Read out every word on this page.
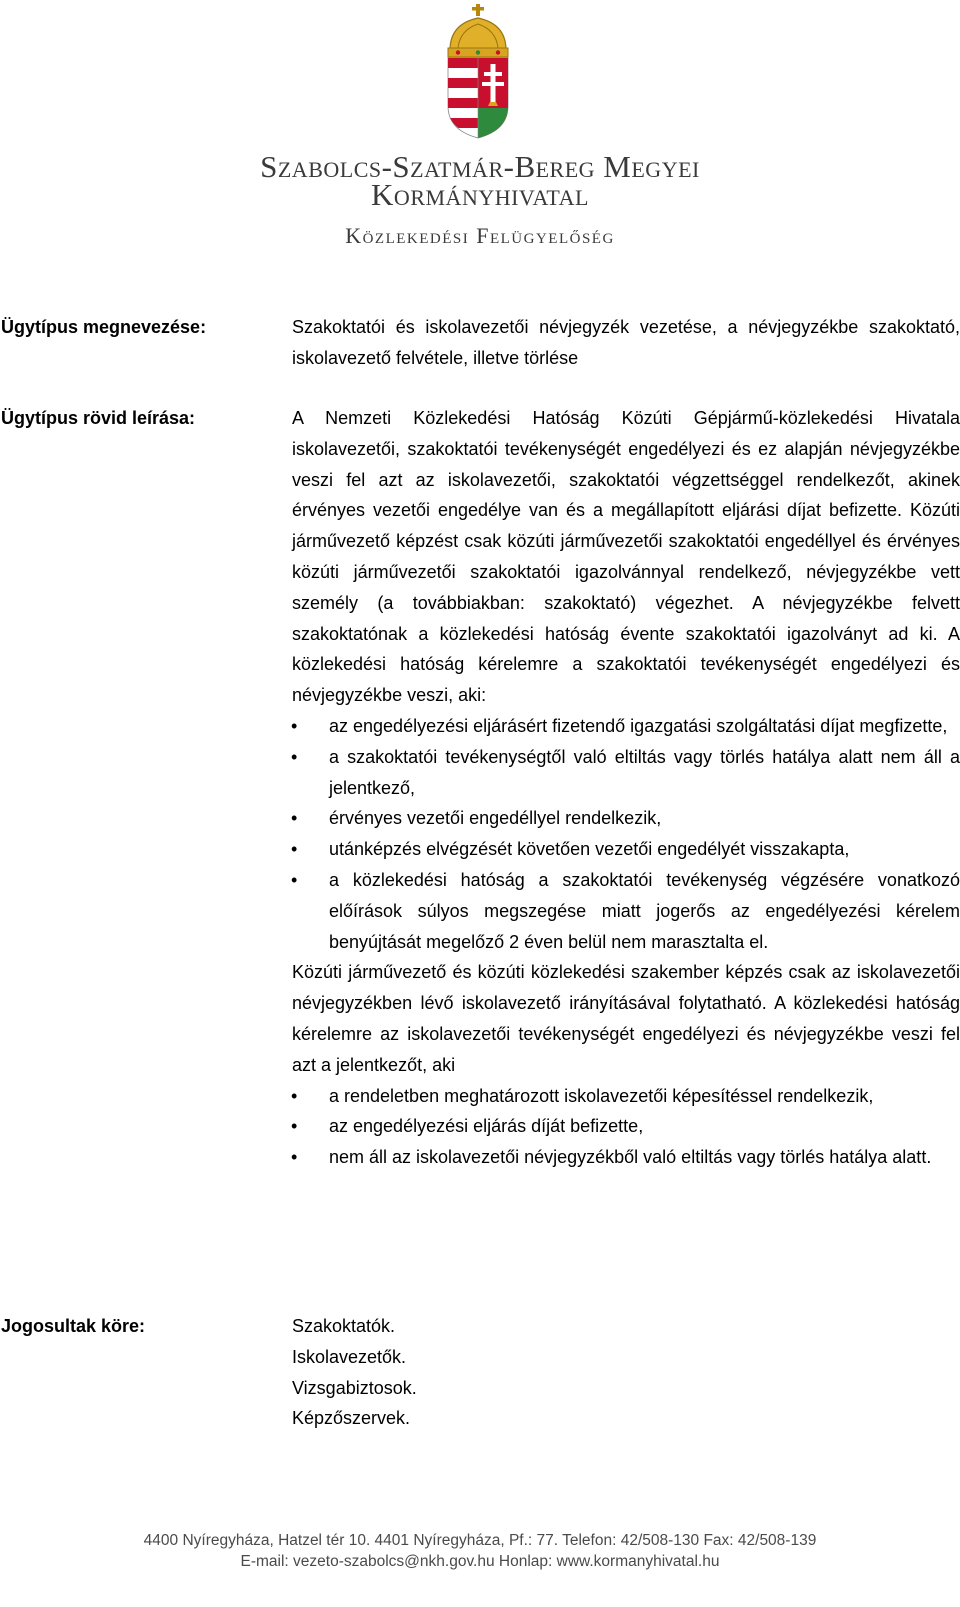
Szabolcs-Szatmár-Bereg Megyei
Kormányhivatal
Közlekedési Felügyelőség
Ügytípus megnevezése:	Szakoktatói és iskolavezetői névjegyzék vezetése, a névjegyzékbe szakoktató, iskolavezető felvétele, illetve törlése

Ügytípus rövid leírása:	A Nemzeti Közlekedési Hatóság Közúti Gépjármű-közlekedési Hivatala iskolavezetői, szakoktatói tevékenységét engedélyezi és ez alapján névjegyzékbe veszi fel azt az iskolavezetői, szakoktatói végzettséggel rendelkezőt, akinek érvényes vezetői engedélye van és a megállapított eljárási díjat befizette. Közúti járművezető képzést csak közúti járművezetői szakoktatói engedéllyel és érvényes közúti járművezetői szakoktatói igazolvánnyal rendelkező, névjegyzékbe vett személy (a továbbiakban: szakoktató) végezhet. A névjegyzékbe felvett szakoktatónak a közlekedési hatóság évente szakoktatói igazolványt ad ki. A közlekedési hatóság kérelemre a szakoktatói tevékenységét engedélyezi és névjegyzékbe veszi, aki:

• az engedélyezési eljárásért fizetendő igazgatási szolgáltatási díjat megfizette,

• a szakoktatói tevékenységtől való eltiltás vagy törlés hatálya alatt nem áll a jelentkező,

• érvényes vezetői engedéllyel rendelkezik,

• utánképzés elvégzését követően vezetői engedélyét visszakapta,

• a közlekedési hatóság a szakoktatói tevékenység végzésére vonatkozó előírások súlyos megszegése miatt jogerős az engedélyezési kérelem benyújtását megelőző 2 éven belül nem marasztalta el.

Közúti járművezető és közúti közlekedési szakember képzés csak az iskolavezetői névjegyzékben lévő iskolavezető irányításával folytatható. A közlekedési hatóság kérelemre az iskolavezetői tevékenységét engedélyezi és névjegyzékbe veszi fel azt a jelentkezőt, aki

• a rendeletben meghatározott iskolavezetői képesítéssel rendelkezik,

• az engedélyezési eljárás díját befizette,

• nem áll az iskolavezetői névjegyzékből való eltiltás vagy törlés hatálya alatt.

Jogosultak köre:	Szakoktatók.

Iskolavezetők.

Vizsgabiztosok.

Képzőszervek.

4400 Nyíregyháza, Hatzel tér 10. 4401 Nyíregyháza, Pf.: 77. Telefon: 42/508-130 Fax: 42/508-139
E-mail: vezeto-szabolcs@nkh.gov.hu Honlap: www.kormanyhivatal.hu
